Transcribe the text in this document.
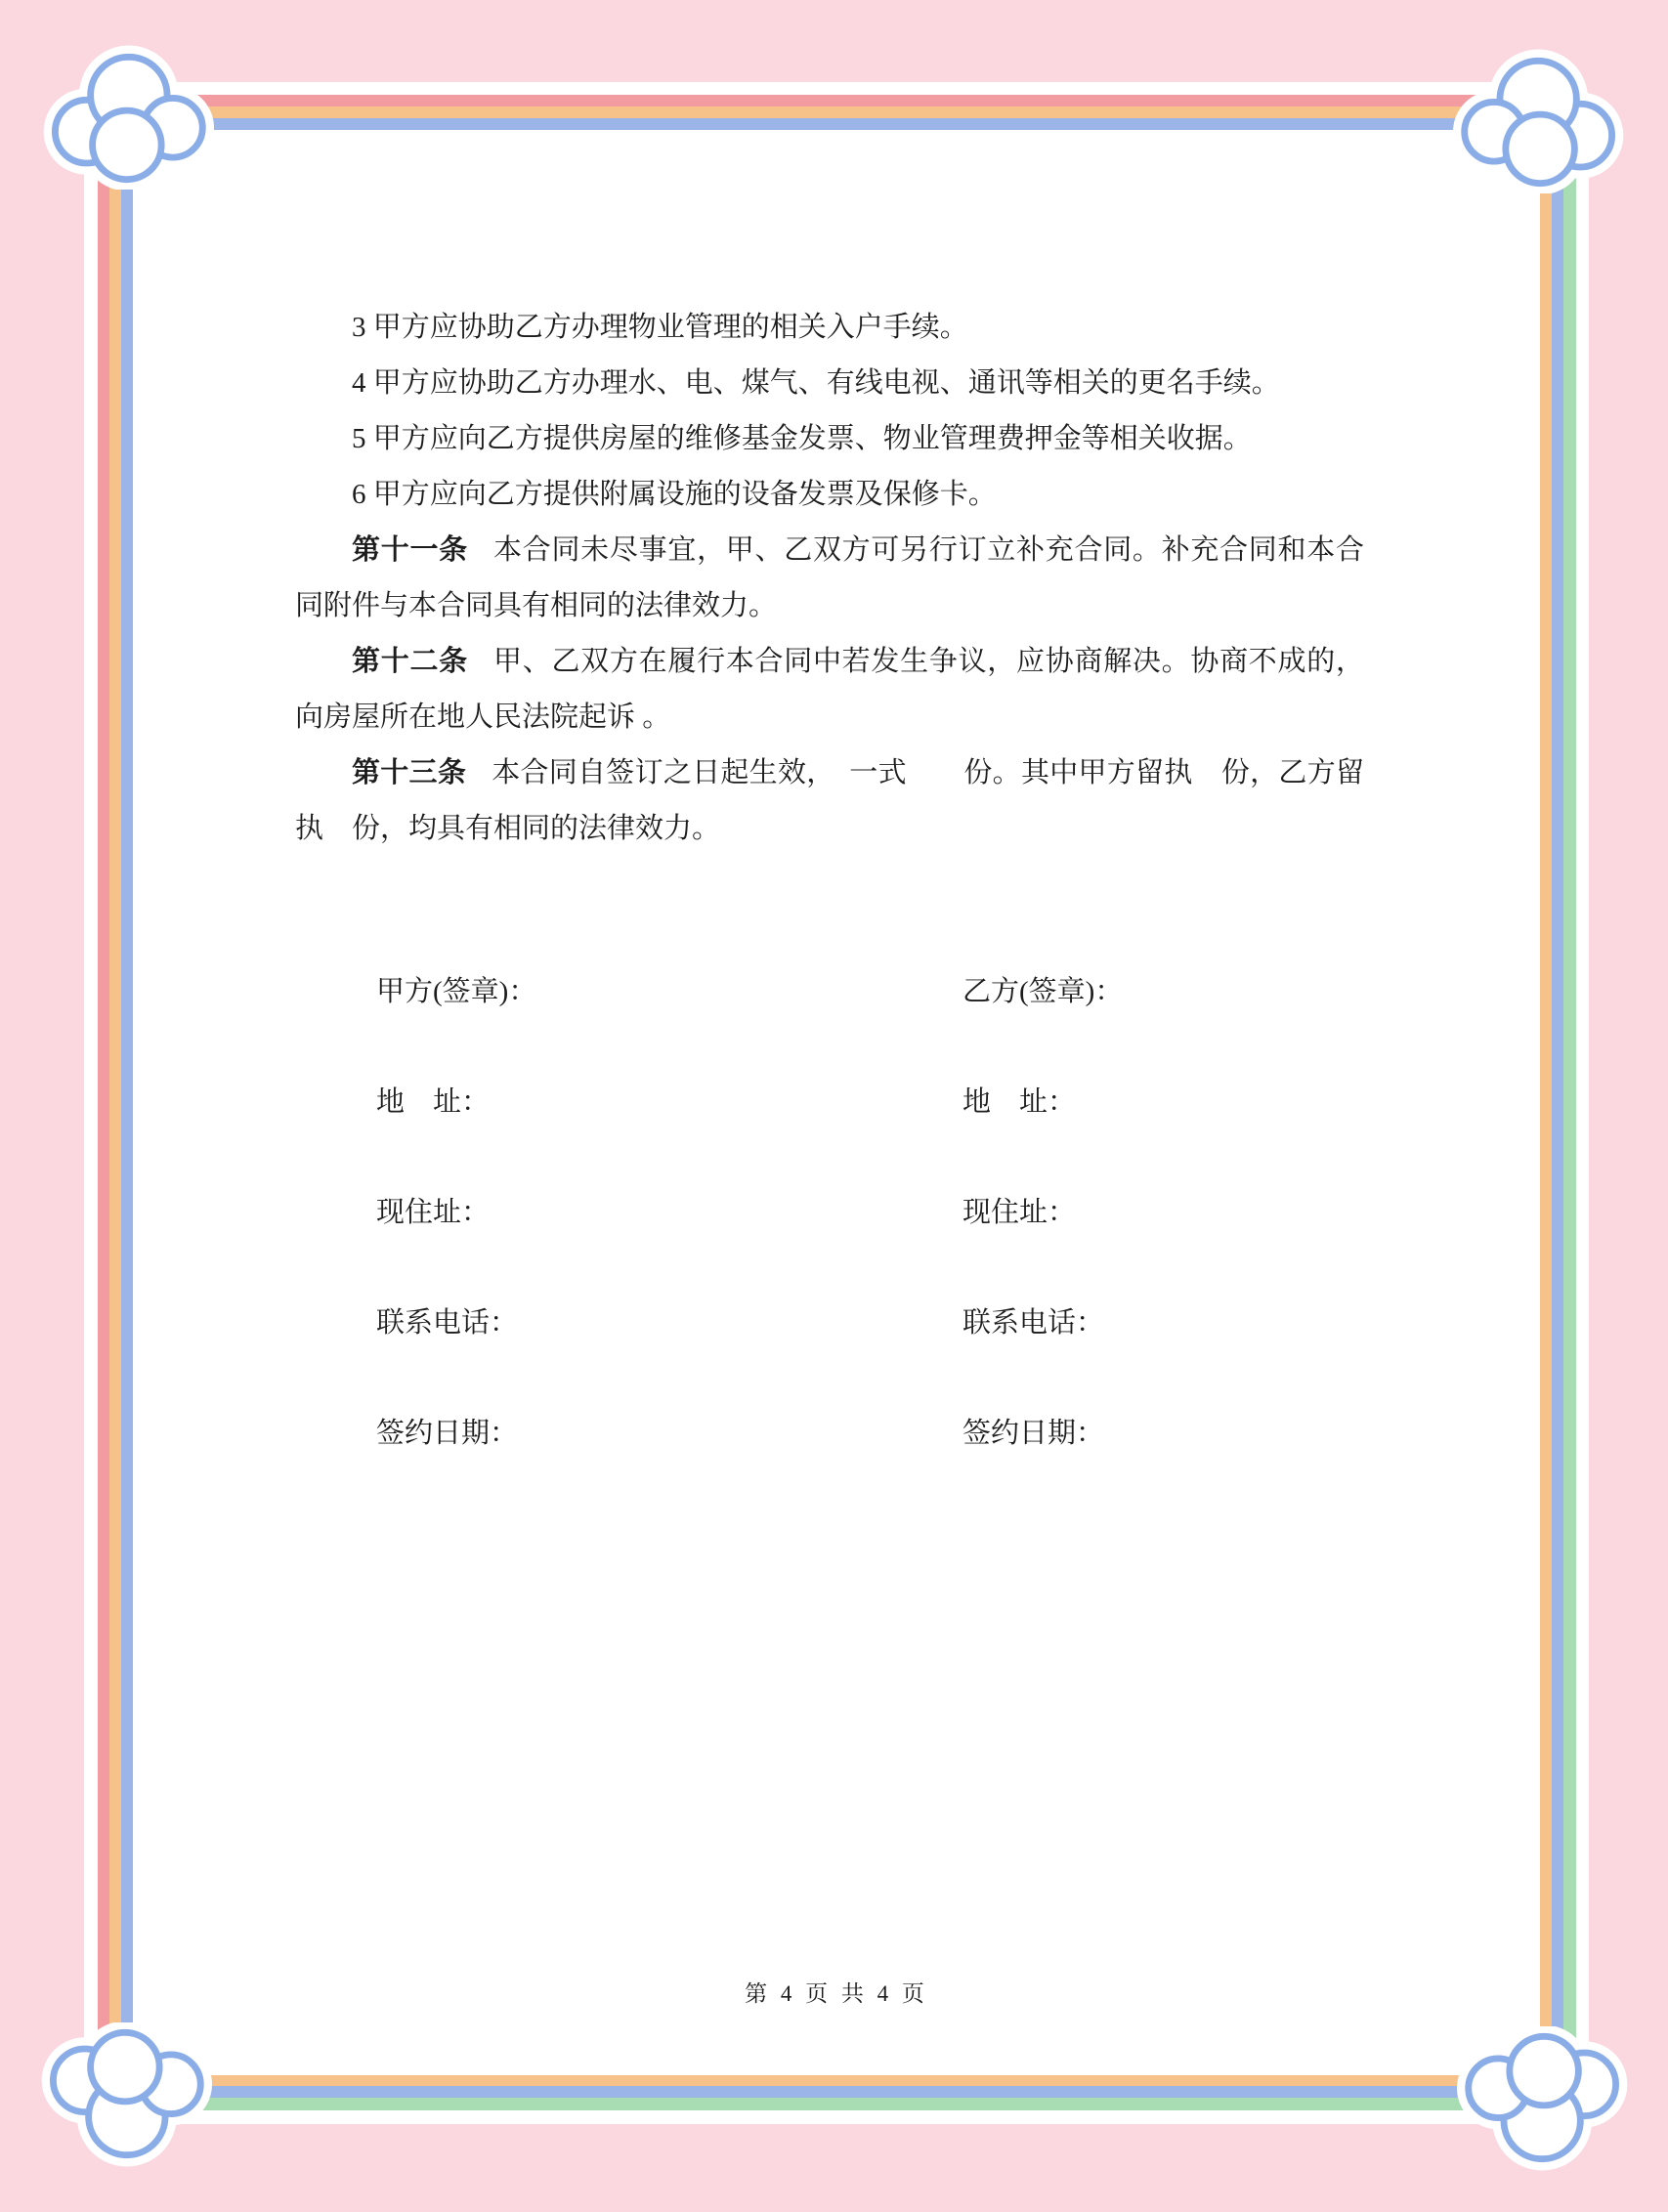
3 甲方应协助乙方办理物业管理的相关入户手续。

4 甲方应协助乙方办理水、电、煤气、有线电视、通讯等相关的更名手续。

5 甲方应向乙方提供房屋的维修基金发票、物业管理费押金等相关收据。

6 甲方应向乙方提供附属设施的设备发票及保修卡。

第十一条 本合同未尽事宜，甲、乙双方可另行订立补充合同。补充合同和本合同附件与本合同具有相同的法律效力。

第十二条 甲、乙双方在履行本合同中若发生争议，应协商解决。协商不成的，向房屋所在地人民法院起诉 。

第十三条 本合同自签订之日起生效，　一式　　份。其中甲方留执　份，乙方留执　份，均具有相同的法律效力。

甲方(签章)：	乙方(签章)：
地　址：	地　址：
现住址：	现住址：
联系电话：	联系电话：
签约日期：	签约日期：
第 4 页 共 4 页
